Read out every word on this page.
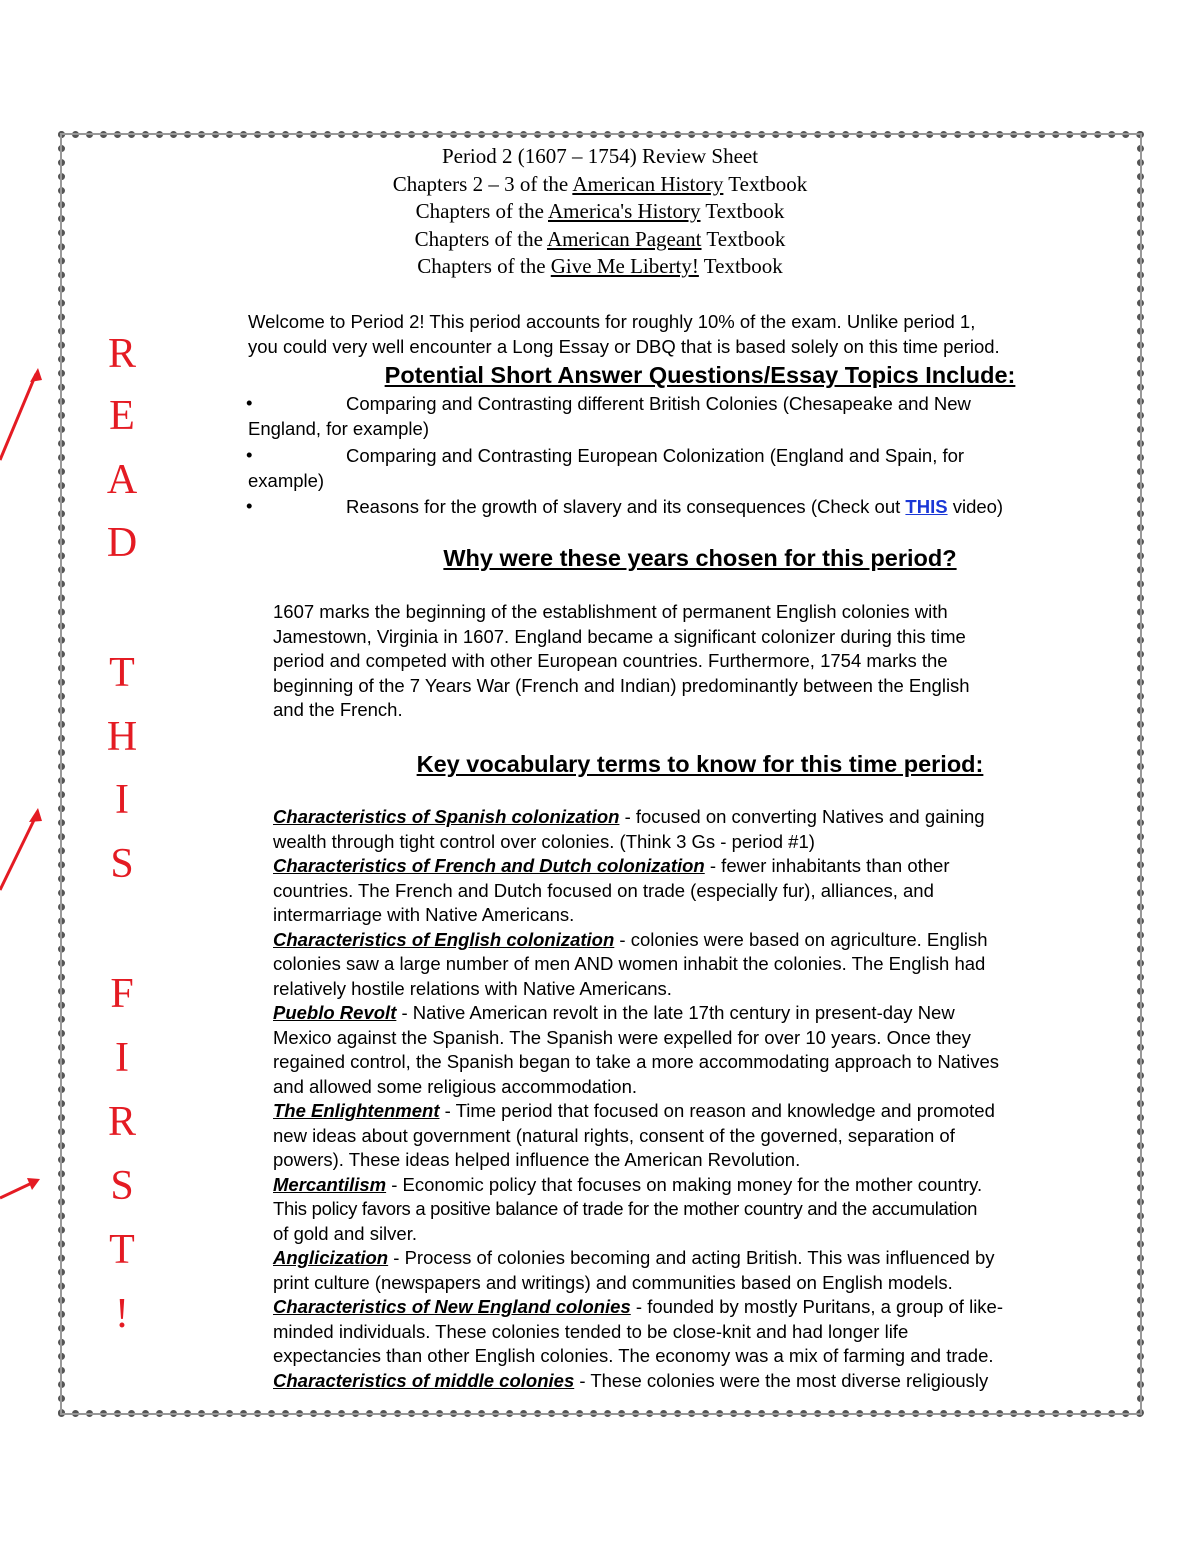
R
E
A
D
T
H
I
S
F
I
R
S
T
!
Period 2 (1607 – 1754) Review Sheet
Chapters 2 – 3 of the American History Textbook
Chapters of the America's History Textbook
Chapters of the American Pageant Textbook
Chapters of the Give Me Liberty! Textbook
Welcome to Period 2! This period accounts for roughly 10% of the exam. Unlike period 1,
you could very well encounter a Long Essay or DBQ that is based solely on this time period.
Potential Short Answer Questions/Essay Topics Include:
•	Comparing and Contrasting different British Colonies (Chesapeake and New
England, for example)
•	Comparing and Contrasting European Colonization (England and Spain, for
example)
•	Reasons for the growth of slavery and its consequences (Check out THIS video)
Why were these years chosen for this period?
1607 marks the beginning of the establishment of permanent English colonies with
Jamestown, Virginia in 1607. England became a significant colonizer during this time
period and competed with other European countries. Furthermore, 1754 marks the
beginning of the 7 Years War (French and Indian) predominantly between the English
and the French.
Key vocabulary terms to know for this time period:
Characteristics of Spanish colonization - focused on converting Natives and gaining
wealth through tight control over colonies. (Think 3 Gs - period #1)
Characteristics of French and Dutch colonization - fewer inhabitants than other
countries. The French and Dutch focused on trade (especially fur), alliances, and
intermarriage with Native Americans.
Characteristics of English colonization - colonies were based on agriculture. English
colonies saw a large number of men AND women inhabit the colonies. The English had
relatively hostile relations with Native Americans.
Pueblo Revolt - Native American revolt in the late 17th century in present-day New
Mexico against the Spanish. The Spanish were expelled for over 10 years. Once they
regained control, the Spanish began to take a more accommodating approach to Natives
and allowed some religious accommodation.
The Enlightenment - Time period that focused on reason and knowledge and promoted
new ideas about government (natural rights, consent of the governed, separation of
powers). These ideas helped influence the American Revolution.
Mercantilism - Economic policy that focuses on making money for the mother country.
This policy favors a positive balance of trade for the mother country and the accumulation
of gold and silver.
Anglicization - Process of colonies becoming and acting British. This was influenced by
print culture (newspapers and writings) and communities based on English models.
Characteristics of New England colonies - founded by mostly Puritans, a group of like-
minded individuals. These colonies tended to be close-knit and had longer life
expectancies than other English colonies. The economy was a mix of farming and trade.
Characteristics of middle colonies - These colonies were the most diverse religiously
